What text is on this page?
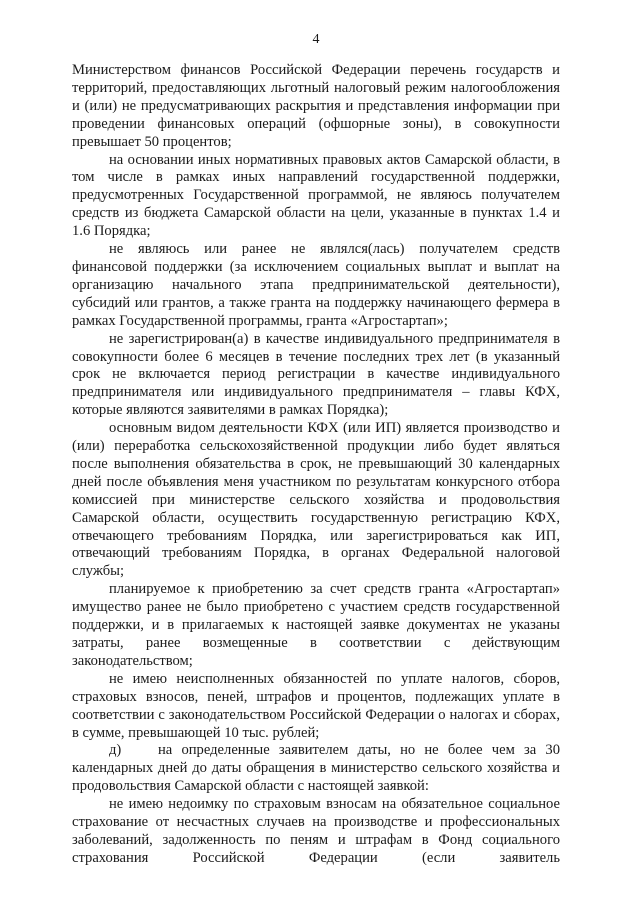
4

Министерством финансов Российской Федерации перечень государств и территорий, предоставляющих льготный налоговый режим налогообложения и (или) не предусматривающих раскрытия и представления информации при проведении финансовых операций (офшорные зоны), в совокупности превышает 50 процентов;

на основании иных нормативных правовых актов Самарской области, в том числе в рамках иных направлений государственной поддержки, предусмотренных Государственной программой, не являюсь получателем средств из бюджета Самарской области на цели, указанные в пунктах 1.4 и 1.6 Порядка;

не являюсь или ранее не являлся(лась) получателем средств финансовой поддержки (за исключением социальных выплат и выплат на организацию начального этапа предпринимательской деятельности), субсидий или грантов, а также гранта на поддержку начинающего фермера в рамках Государственной программы, гранта «Агростартап»;

не зарегистрирован(а) в качестве индивидуального предпринимателя в совокупности более 6 месяцев в течение последних трех лет (в указанный срок не включается период регистрации в качестве индивидуального предпринимателя или индивидуального предпринимателя – главы КФХ, которые являются заявителями в рамках Порядка);

основным видом деятельности КФХ (или ИП) является производство и (или) переработка сельскохозяйственной продукции либо будет являться после выполнения обязательства в срок, не превышающий 30 календарных дней после объявления меня участником по результатам конкурсного отбора комиссией при министерстве сельского хозяйства и продовольствия Самарской области, осуществить государственную регистрацию КФХ, отвечающего требованиям Порядка, или зарегистрироваться как ИП, отвечающий требованиям Порядка, в органах Федеральной налоговой службы;

планируемое к приобретению за счет средств гранта «Агростартап» имущество ранее не было приобретено с участием средств государственной поддержки, и в прилагаемых к настоящей заявке документах не указаны затраты, ранее возмещенные в соответствии с действующим законодательством;

не имею неисполненных обязанностей по уплате налогов, сборов, страховых взносов, пеней, штрафов и процентов, подлежащих уплате в соответствии с законодательством Российской Федерации о налогах и сборах, в сумме, превышающей 10 тыс. рублей;

д)    на определенные заявителем даты, но не более чем за 30 календарных дней до даты обращения в министерство сельского хозяйства и продовольствия Самарской области с настоящей заявкой:

не имею недоимку по страховым взносам на обязательное социальное страхование от несчастных случаев на производстве и профессиональных заболеваний, задолженность по пеням и штрафам в Фонд социального страхования Российской Федерации (если заявитель
